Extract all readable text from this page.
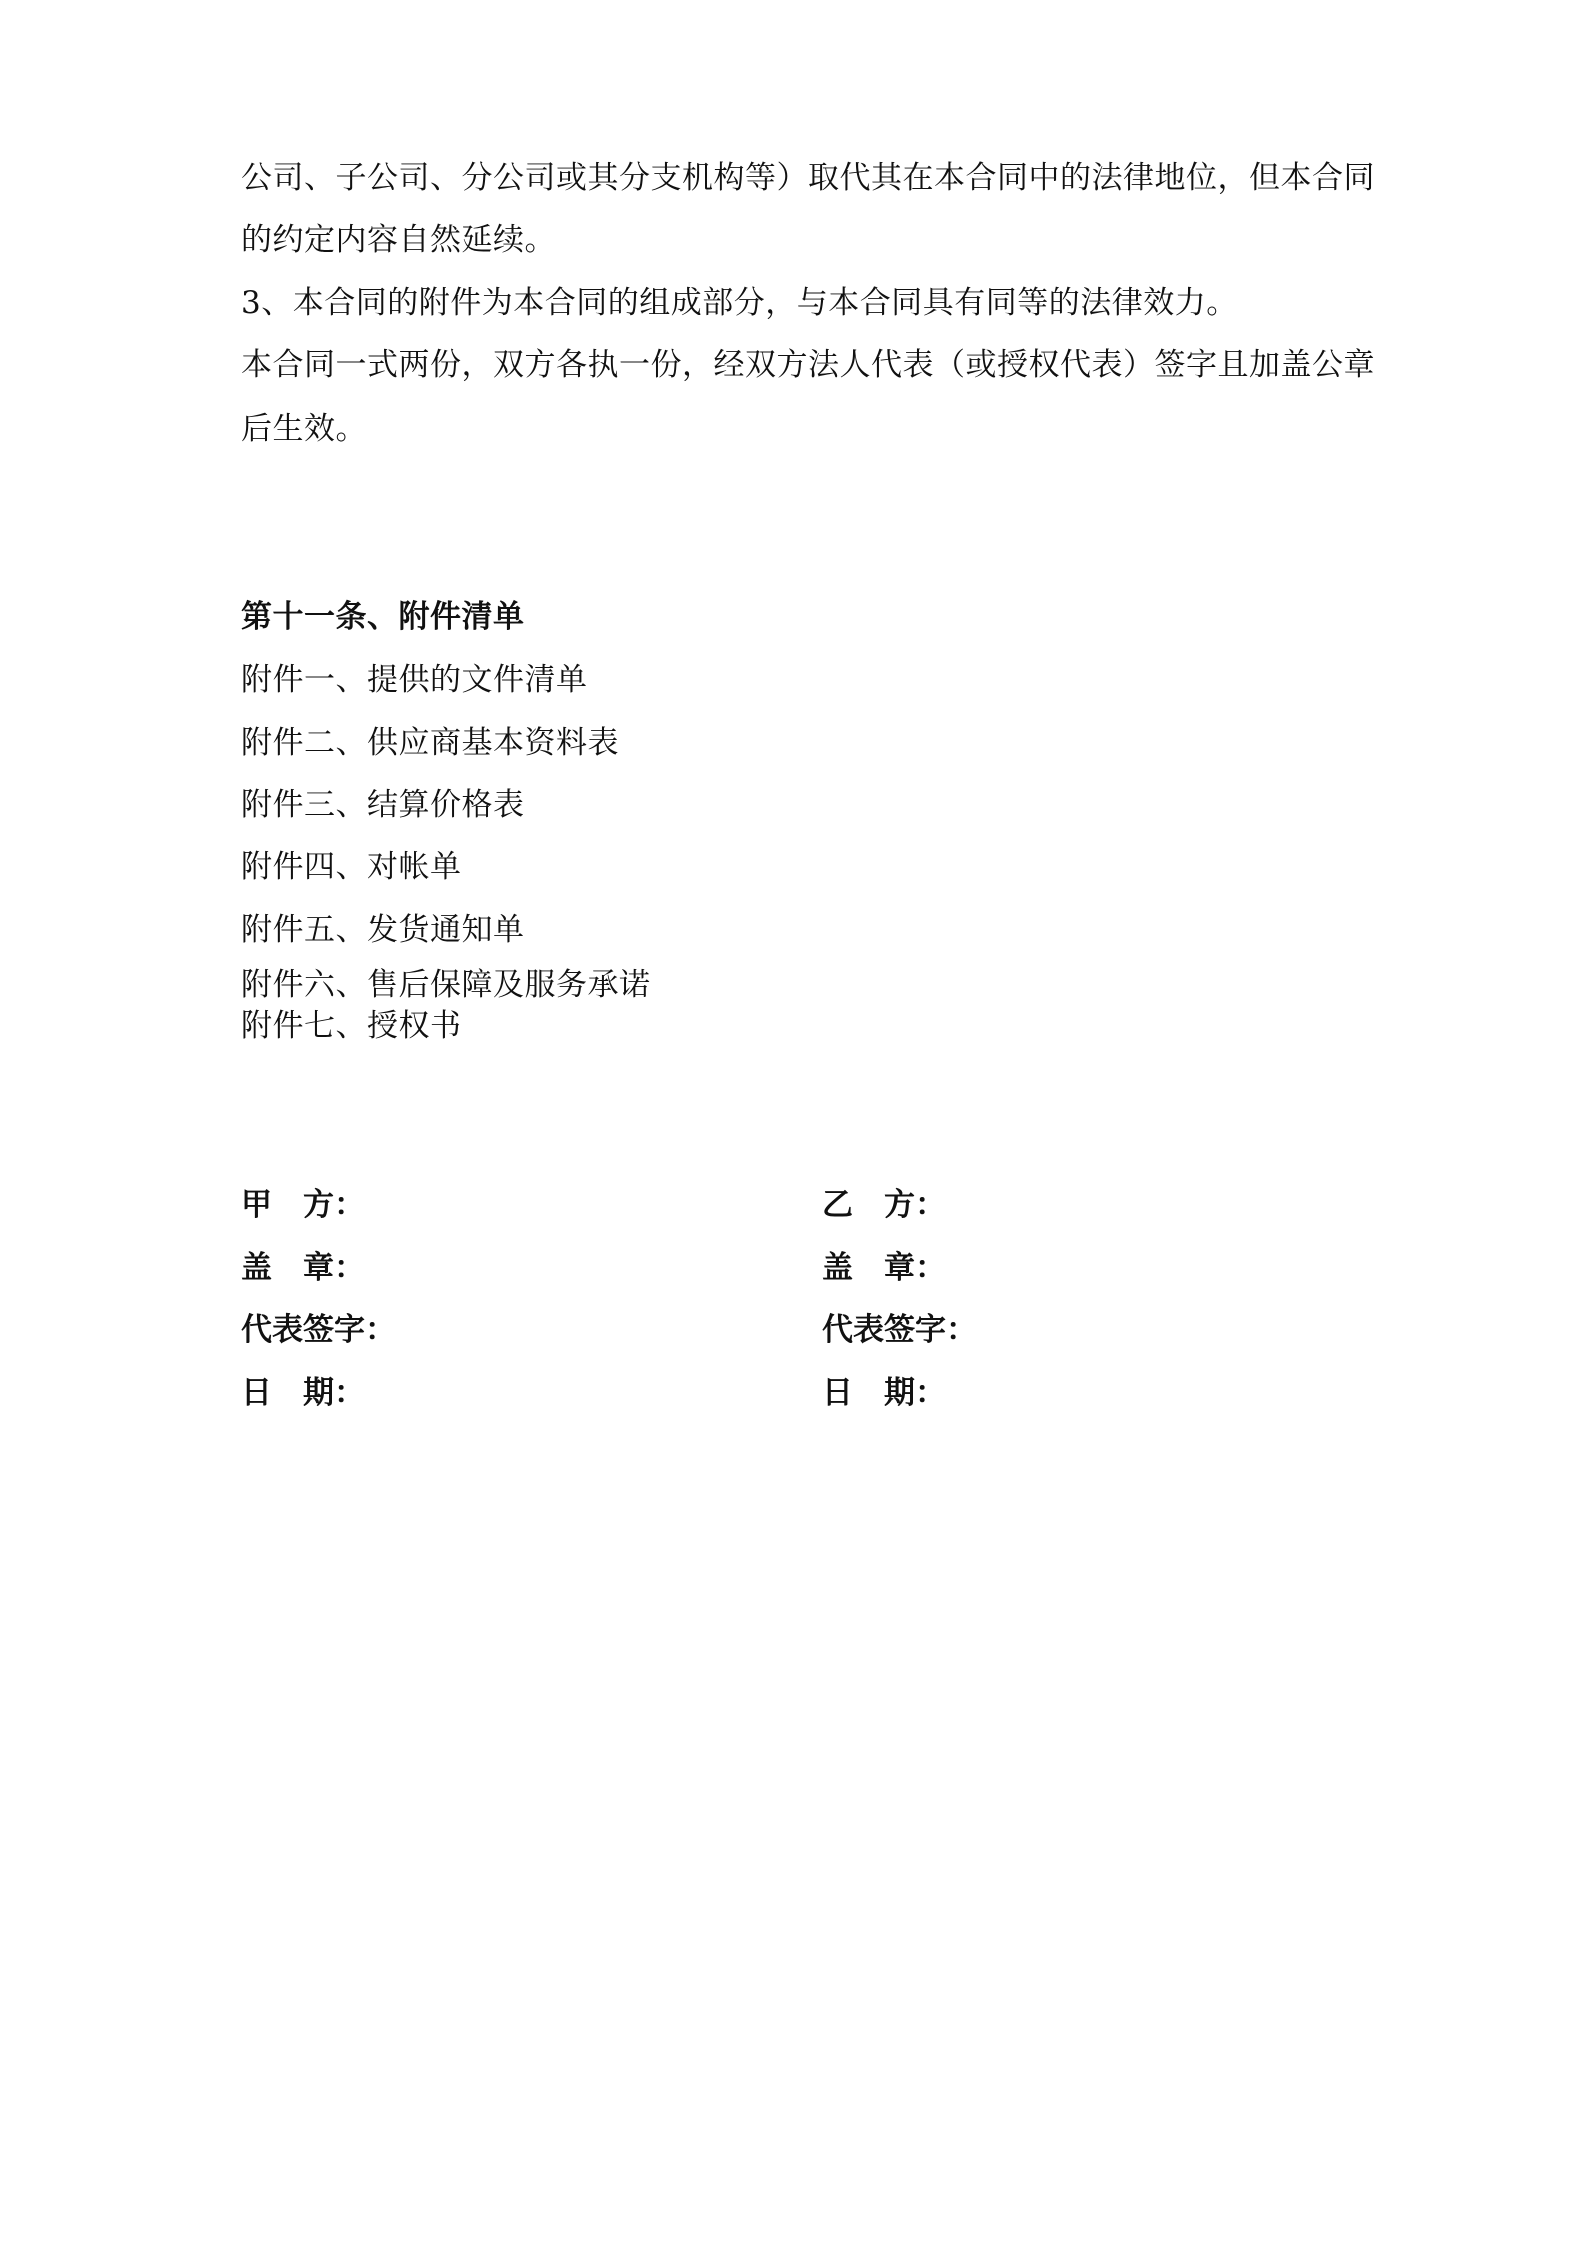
公司、子公司、分公司或其分支机构等）取代其在本合同中的法律地位，但本合同
的约定内容自然延续。
3、本合同的附件为本合同的组成部分，与本合同具有同等的法律效力。
本合同一式两份，双方各执一份，经双方法人代表（或授权代表）签字且加盖公章
后生效。
第十一条、附件清单
附件一、提供的文件清单
附件二、供应商基本资料表
附件三、结算价格表
附件四、对帐单
附件五、发货通知单
附件六、售后保障及服务承诺
附件七、授权书
甲　方：	乙　方：
盖　章：	盖　章：
代表签字：	代表签字：
日　期：	日　期：
